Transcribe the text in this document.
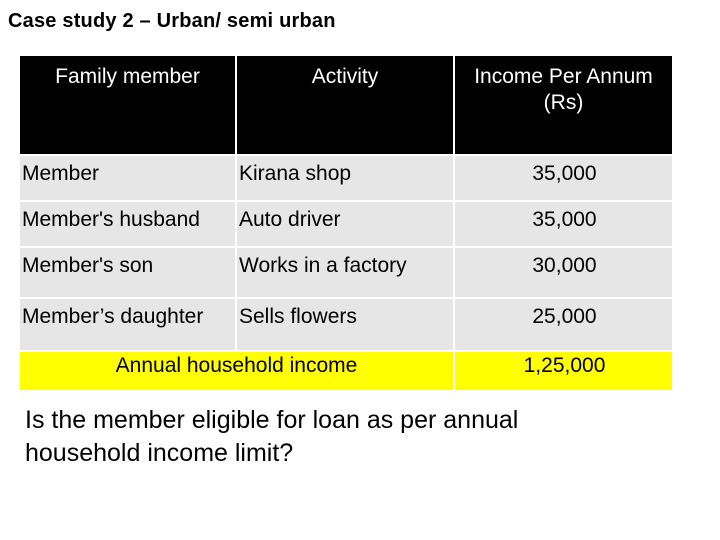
Case study 2 – Urban/ semi urban
Family member	Activity	Income Per Annum (Rs)
Member	Kirana shop	35,000
Member's husband	Auto driver	35,000
Member's son	Works in a factory	30,000
Member’s daughter	Sells flowers	25,000
Annual household income		1,25,000
Is the member eligible for loan as per annual household income limit?
